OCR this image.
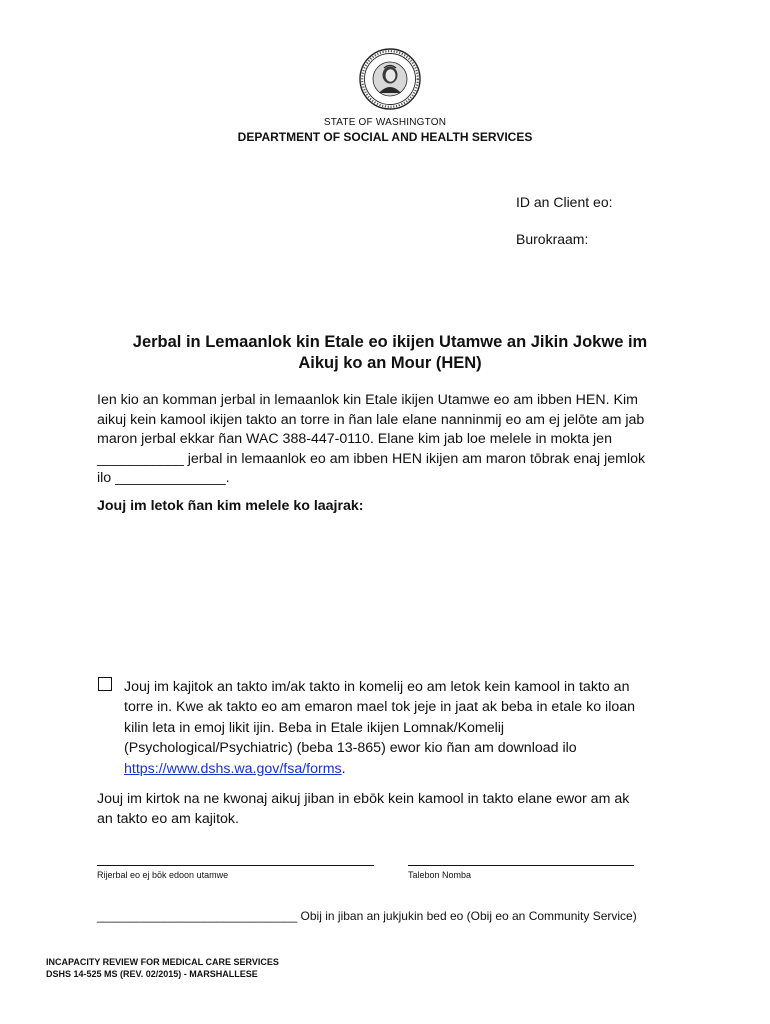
STATE OF WASHINGTON
DEPARTMENT OF SOCIAL AND HEALTH SERVICES
ID an Client eo:
Burokraam:
Jerbal in Lemaanlok kin Etale eo ikijen Utamwe an Jikin Jokwe im
Aikuj ko an Mour (HEN)
Ien kio an komman jerbal in lemaanlok kin Etale ikijen Utamwe eo am ibben HEN. Kim
aikuj kein kamool ikijen takto an torre in ñan lale elane nanninmij eo am ej jelōte am jab
maron jerbal ekkar ñan WAC 388-447-0110. Elane kim jab loe melele in mokta jen
___________ jerbal in lemaanlok eo am ibben HEN ikijen am maron tōbrak enaj jemlok
ilo ______________.
Jouj im letok ñan kim melele ko laajrak:
Jouj im kajitok an takto im/ak takto in komelij eo am letok kein kamool in takto an
torre in. Kwe ak takto eo am emaron mael tok jeje in jaat ak beba in etale ko iloan
kilin leta in emoj likit ijin. Beba in Etale ikijen Lomnak/Komelij
(Psychological/Psychiatric) (beba 13-865) ewor kio ñan am download ilo
https://www.dshs.wa.gov/fsa/forms.
Jouj im kirtok na ne kwonaj aikuj jiban in ebōk kein kamool in takto elane ewor am ak
an takto eo am kajitok.
Rijerbal eo ej bōk edoon utamwe	Talebon Nomba
______________________________ Obij in jiban an jukjukin bed eo (Obij eo an Community Service)
INCAPACITY REVIEW FOR MEDICAL CARE SERVICES
DSHS 14-525 MS (REV. 02/2015) - MARSHALLESE
